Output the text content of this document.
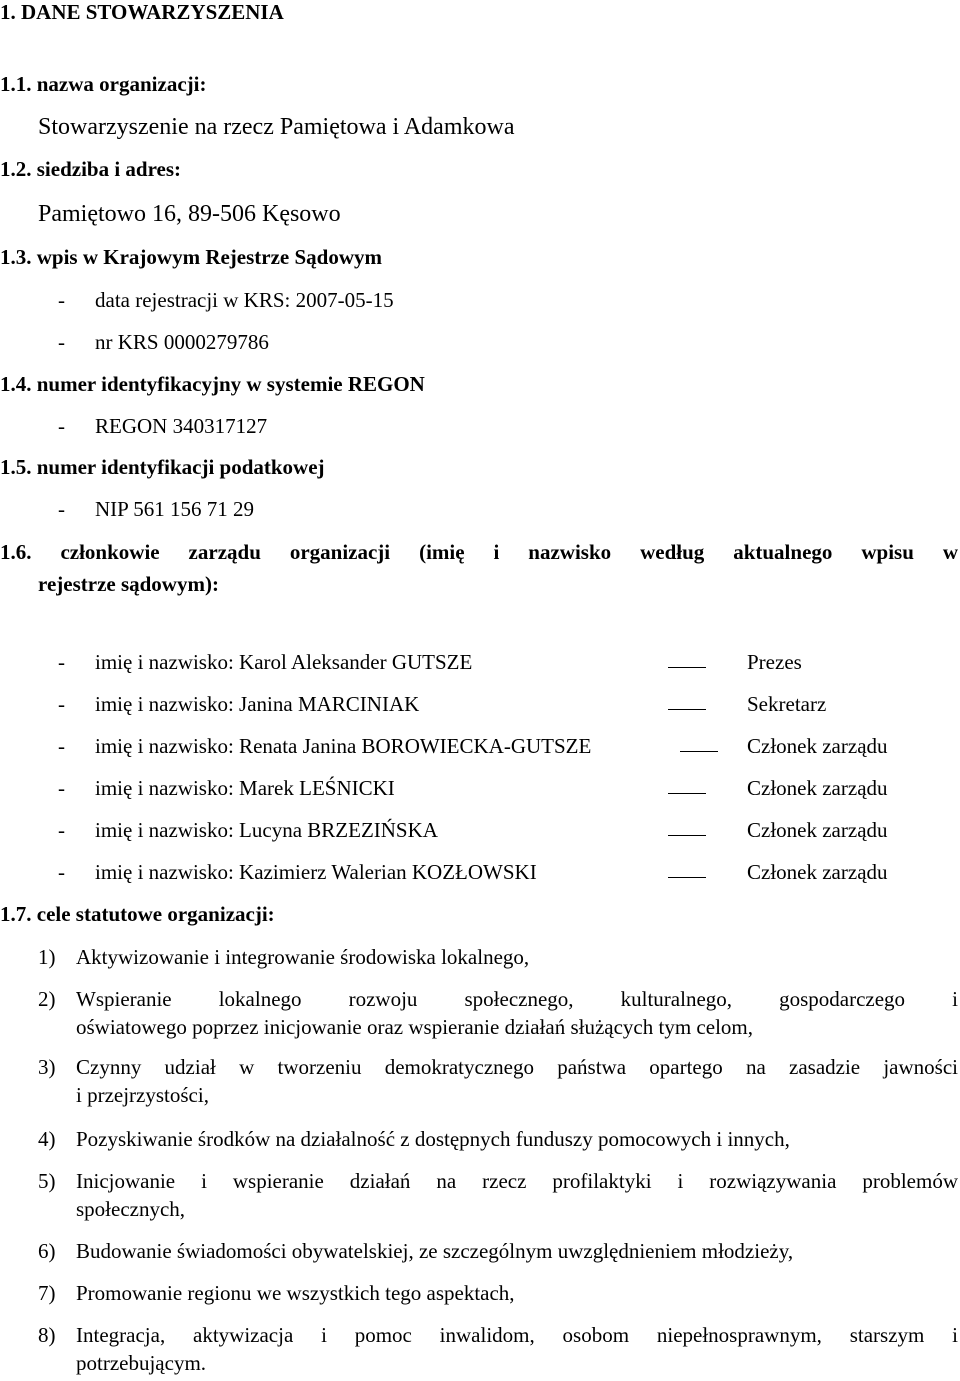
1. DANE STOWARZYSZENIA
1.1. nazwa organizacji:
Stowarzyszenie na rzecz Pamiętowa i Adamkowa
1.2. siedziba i adres:
Pamiętowo 16, 89-506 Kęsowo
1.3. wpis w Krajowym Rejestrze Sądowym
- data rejestracji w KRS: 2007-05-15
- nr KRS 0000279786
1.4. numer identyfikacyjny w systemie REGON
- REGON 340317127
1.5. numer identyfikacji podatkowej
- NIP 561 156 71 29
1.6. członkowie zarządu organizacji (imię i nazwisko według aktualnego wpisu w
rejestrze sądowym):
- imię i nazwisko: Karol Aleksander GUTSZE	Prezes
- imię i nazwisko: Janina MARCINIAK	Sekretarz
- imię i nazwisko: Renata Janina BOROWIECKA-GUTSZE	Członek zarządu
- imię i nazwisko: Marek LEŚNICKI	Członek zarządu
- imię i nazwisko: Lucyna BRZEZIŃSKA	Członek zarządu
- imię i nazwisko: Kazimierz Walerian KOZŁOWSKI	Członek zarządu
1.7. cele statutowe organizacji:
1) Aktywizowanie i integrowanie środowiska lokalnego,
2) Wspieranie lokalnego rozwoju społecznego, kulturalnego, gospodarczego i
oświatowego poprzez inicjowanie oraz wspieranie działań służących tym celom,
3) Czynny udział w tworzeniu demokratycznego państwa opartego na zasadzie jawności
i przejrzystości,
4) Pozyskiwanie środków na działalność z dostępnych funduszy pomocowych i innych,
5) Inicjowanie i wspieranie działań na rzecz profilaktyki i rozwiązywania problemów
społecznych,
6) Budowanie świadomości obywatelskiej, ze szczególnym uwzględnieniem młodzieży,
7) Promowanie regionu we wszystkich tego aspektach,
8) Integracja, aktywizacja i pomoc inwalidom, osobom niepełnosprawnym, starszym i
potrzebującym.
